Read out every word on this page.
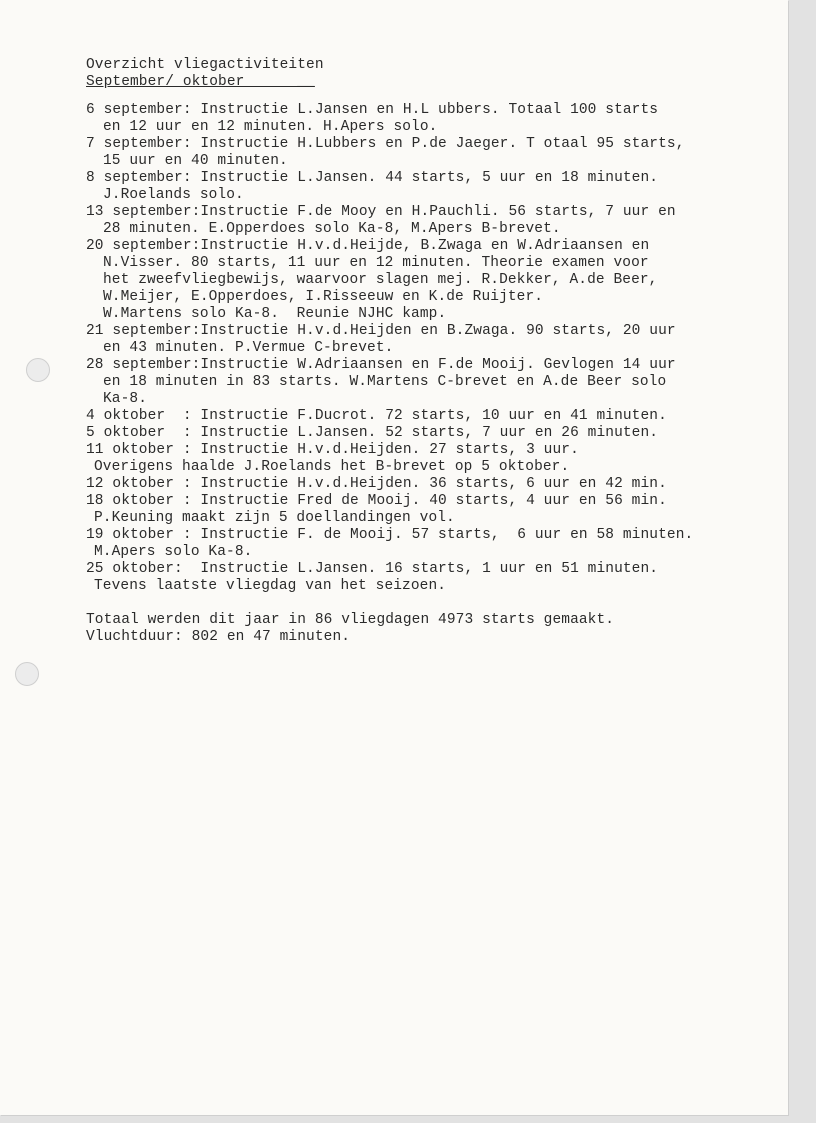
Overzicht vliegactiviteiten
September/ oktober      __
6 september: Instructie L.Jansen en H.L ubbers. Totaal 100 starts
en 12 uur en 12 minuten. H.Apers solo.
7 september: Instructie H.Lubbers en P.de Jaeger. T otaal 95 starts,
15 uur en 40 minuten.
8 september: Instructie L.Jansen. 44 starts, 5 uur en 18 minuten.
J.Roelands solo.
13 september:Instructie F.de Mooy en H.Pauchli. 56 starts, 7 uur en
28 minuten. E.Opperdoes solo Ka-8, M.Apers B-brevet.
20 september:Instructie H.v.d.Heijde, B.Zwaga en W.Adriaansen en
N.Visser. 80 starts, 11 uur en 12 minuten. Theorie examen voor
het zweefvliegbewijs, waarvoor slagen mej. R.Dekker, A.de Beer,
W.Meijer, E.Opperdoes, I.Risseeuw en K.de Ruijter.
W.Martens solo Ka-8.  Reunie NJHC kamp.
21 september:Instructie H.v.d.Heijden en B.Zwaga. 90 starts, 20 uur
en 43 minuten. P.Vermue C-brevet.
28 september:Instructie W.Adriaansen en F.de Mooij. Gevlogen 14 uur
en 18 minuten in 83 starts. W.Martens C-brevet en A.de Beer solo
Ka-8.
4 oktober  : Instructie F.Ducrot. 72 starts, 10 uur en 41 minuten.
5 oktober  : Instructie L.Jansen. 52 starts, 7 uur en 26 minuten.
11 oktober : Instructie H.v.d.Heijden. 27 starts, 3 uur.
Overigens haalde J.Roelands het B-brevet op 5 oktober.
12 oktober : Instructie H.v.d.Heijden. 36 starts, 6 uur en 42 min.
18 oktober : Instructie Fred de Mooij. 40 starts, 4 uur en 56 min.
P.Keuning maakt zijn 5 doellandingen vol.
19 oktober : Instructie F. de Mooij. 57 starts,  6 uur en 58 minuten.
M.Apers solo Ka-8.
25 oktober:  Instructie L.Jansen. 16 starts, 1 uur en 51 minuten.
Tevens laatste vliegdag van het seizoen.
Totaal werden dit jaar in 86 vliegdagen 4973 starts gemaakt.
Vluchtduur: 802 en 47 minuten.
